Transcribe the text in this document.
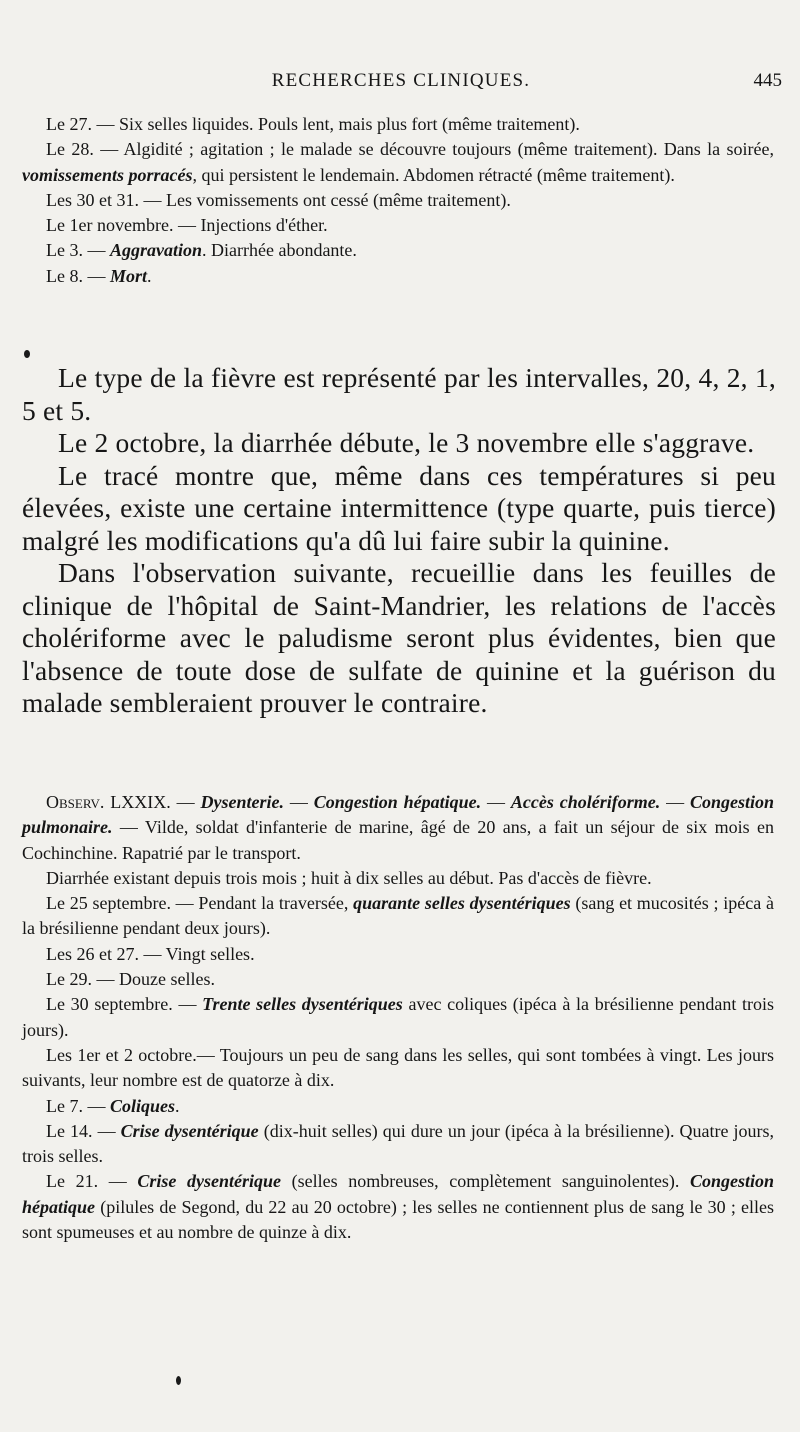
RECHERCHES CLINIQUES.	445

Le 27. — Six selles liquides. Pouls lent, mais plus fort (même traitement).

Le 28. — Algidité ; agitation ; le malade se découvre toujours (même traitement). Dans la soirée, vomissements porracés, qui persistent le lendemain. Abdomen rétracté (même traitement).

Les 30 et 31. — Les vomissements ont cessé (même traitement).

Le 1er novembre. — Injections d'éther.

Le 3. — Aggravation. Diarrhée abondante.

Le 8. — Mort.

Le type de la fièvre est représenté par les intervalles, 20, 4, 2, 1, 5 et 5.

Le 2 octobre, la diarrhée débute, le 3 novembre elle s'aggrave.

Le tracé montre que, même dans ces températures si peu élevées, existe une certaine intermittence (type quarte, puis tierce) malgré les modifications qu'a dû lui faire subir la quinine.

Dans l'observation suivante, recueillie dans les feuilles de clinique de l'hôpital de Saint-Mandrier, les relations de l'accès cholériforme avec le paludisme seront plus évidentes, bien que l'absence de toute dose de sulfate de quinine et la guérison du malade sembleraient prouver le contraire.

Observ. LXXIX. — Dysenterie. — Congestion hépatique. — Accès cholériforme. — Congestion pulmonaire. — Vilde, soldat d'infanterie de marine, âgé de 20 ans, a fait un séjour de six mois en Cochinchine. Rapatrié par le transport.

Diarrhée existant depuis trois mois ; huit à dix selles au début. Pas d'accès de fièvre.

Le 25 septembre. — Pendant la traversée, quarante selles dysentériques (sang et mucosités ; ipéca à la brésilienne pendant deux jours).

Les 26 et 27. — Vingt selles.

Le 29. — Douze selles.

Le 30 septembre. — Trente selles dysentériques avec coliques (ipéca à la brésilienne pendant trois jours).

Les 1er et 2 octobre.— Toujours un peu de sang dans les selles, qui sont tombées à vingt. Les jours suivants, leur nombre est de quatorze à dix.

Le 7. — Coliques.

Le 14. — Crise dysentérique (dix-huit selles) qui dure un jour (ipéca à la brésilienne). Quatre jours, trois selles.

Le 21. — Crise dysentérique (selles nombreuses, complètement sanguinolentes). Congestion hépatique (pilules de Segond, du 22 au 20 octobre) ; les selles ne contiennent plus de sang le 30 ; elles sont spumeuses et au nombre de quinze à dix.
